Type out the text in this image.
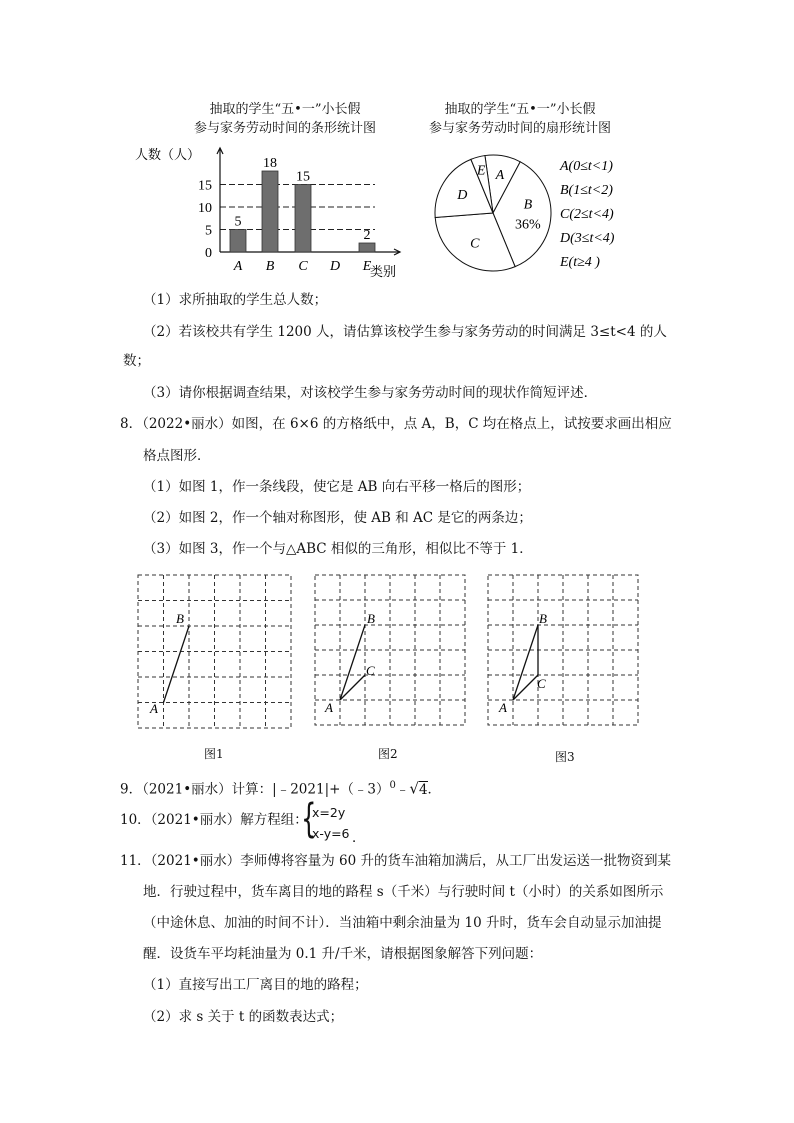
抽取的学生“五•一”小长假
参与家务劳动时间的条形统计图
抽取的学生“五•一”小长假
参与家务劳动时间的扇形统计图
人数（人）
0
5
10
15
5
A
18
B
15
C D
2
E
类别
A
B
36%
C
D
E	A(0≤t<1)
B(1≤t<2)
C(2≤t<4)
D(3≤t<4)
E(t≥4 )
（1）求所抽取的学生总人数；
（2）若该校共有学生 1200 人，请估算该校学生参与家务劳动的时间满足 3≤t<4 的人
数；
（3）请你根据调查结果，对该校学生参与家务劳动时间的现状作简短评述．
8．（2022•丽水）如图，在 6×6 的方格纸中，点 A，B，C 均在格点上，试按要求画出相应
格点图形．
（1）如图 1，作一条线段，使它是 AB 向右平移一格后的图形；
（2）如图 2，作一个轴对称图形，使 AB 和 AC 是它的两条边；
（3）如图 3，作一个与△ABC 相似的三角形，相似比不等于 1．
A
B
A
B
C
A
B
C
图1	图2	图3
9．（2021•丽水）计算：|﹣2021|+（﹣3）$^0$﹣√4．
10．（2021•丽水）解方程组：
{
x=2y
x-y=6 ．
11．（2021•丽水）李师傅将容量为 60 升的货车油箱加满后，从工厂出发运送一批物资到某
地．行驶过程中，货车离目的地的路程 s（千米）与行驶时间 t（小时）的关系如图所示
（中途休息、加油的时间不计）．当油箱中剩余油量为 10 升时，货车会自动显示加油提
醒．设货车平均耗油量为 0.1 升/千米，请根据图象解答下列问题：
（1）直接写出工厂离目的地的路程；
（2）求 s 关于 t 的函数表达式；
